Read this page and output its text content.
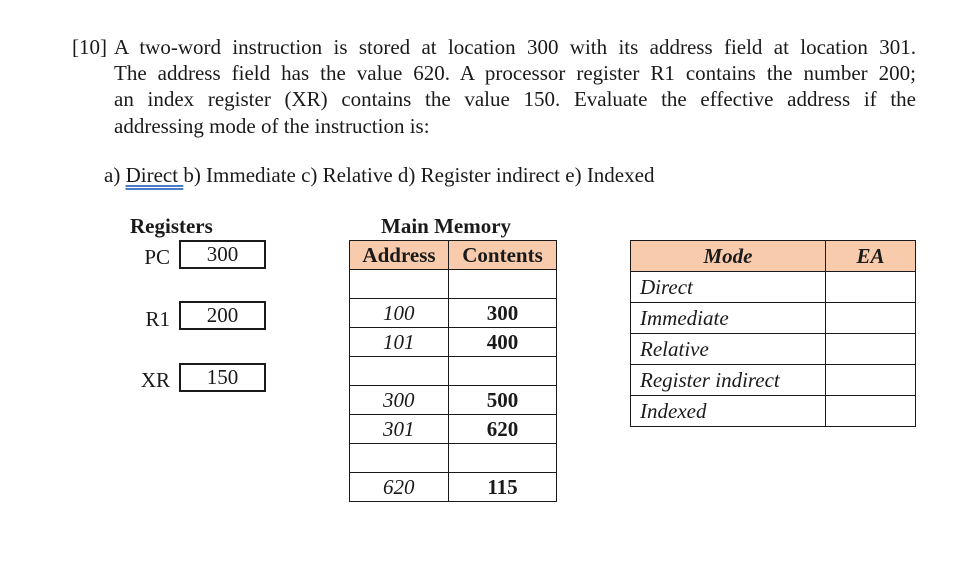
[10] A two-word instruction is stored at location 300 with its address field at location 301.
The address field has the value 620. A processor register R1 contains the number 200;
an index register (XR) contains the value 150. Evaluate the effective address if the
addressing mode of the instruction is:
a) Direct b) Immediate c) Relative d) Register indirect e) Indexed
Registers
PC	300
R1	200
XR	150
Main Memory
Address	Contents

100	300
101	400

300	500
301	620

620	115
Mode	EA
Direct	
Immediate	
Relative	
Register indirect	
Indexed	
